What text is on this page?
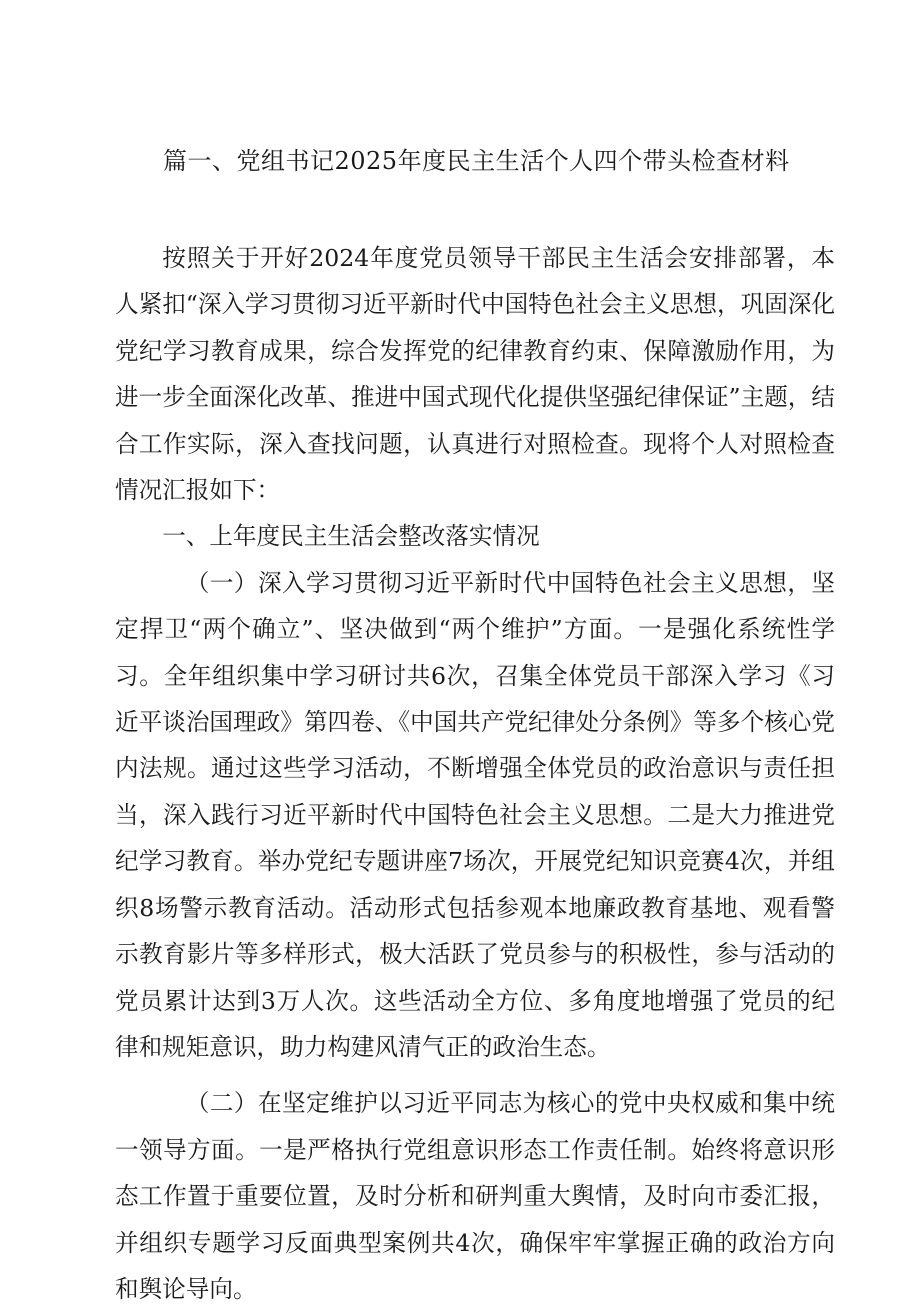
篇一、党组书记2025年度民主生活个人四个带头检查材料

按照关于开好2024年度党员领导干部民主生活会安排部署，本人紧扣“深入学习贯彻习近平新时代中国特色社会主义思想，巩固深化党纪学习教育成果，综合发挥党的纪律教育约束、保障激励作用，为进一步全面深化改革、推进中国式现代化提供坚强纪律保证”主题，结合工作实际，深入查找问题，认真进行对照检查。现将个人对照检查情况汇报如下：

一、上年度民主生活会整改落实情况

（一）深入学习贯彻习近平新时代中国特色社会主义思想，坚定捍卫“两个确立”、坚决做到“两个维护”方面。一是强化系统性学习。全年组织集中学习研讨共6次，召集全体党员干部深入学习《习近平谈治国理政》第四卷、《中国共产党纪律处分条例》等多个核心党内法规。通过这些学习活动，不断增强全体党员的政治意识与责任担当，深入践行习近平新时代中国特色社会主义思想。二是大力推进党纪学习教育。举办党纪专题讲座7场次，开展党纪知识竞赛4次，并组织8场警示教育活动。活动形式包括参观本地廉政教育基地、观看警示教育影片等多样形式，极大活跃了党员参与的积极性，参与活动的党员累计达到3万人次。这些活动全方位、多角度地增强了党员的纪律和规矩意识，助力构建风清气正的政治生态。

（二）在坚定维护以习近平同志为核心的党中央权威和集中统一领导方面。一是严格执行党组意识形态工作责任制。始终将意识形态工作置于重要位置，及时分析和研判重大舆情，及时向市委汇报，并组织专题学习反面典型案例共4次，确保牢牢掌握正确的政治方向和舆论导向。
